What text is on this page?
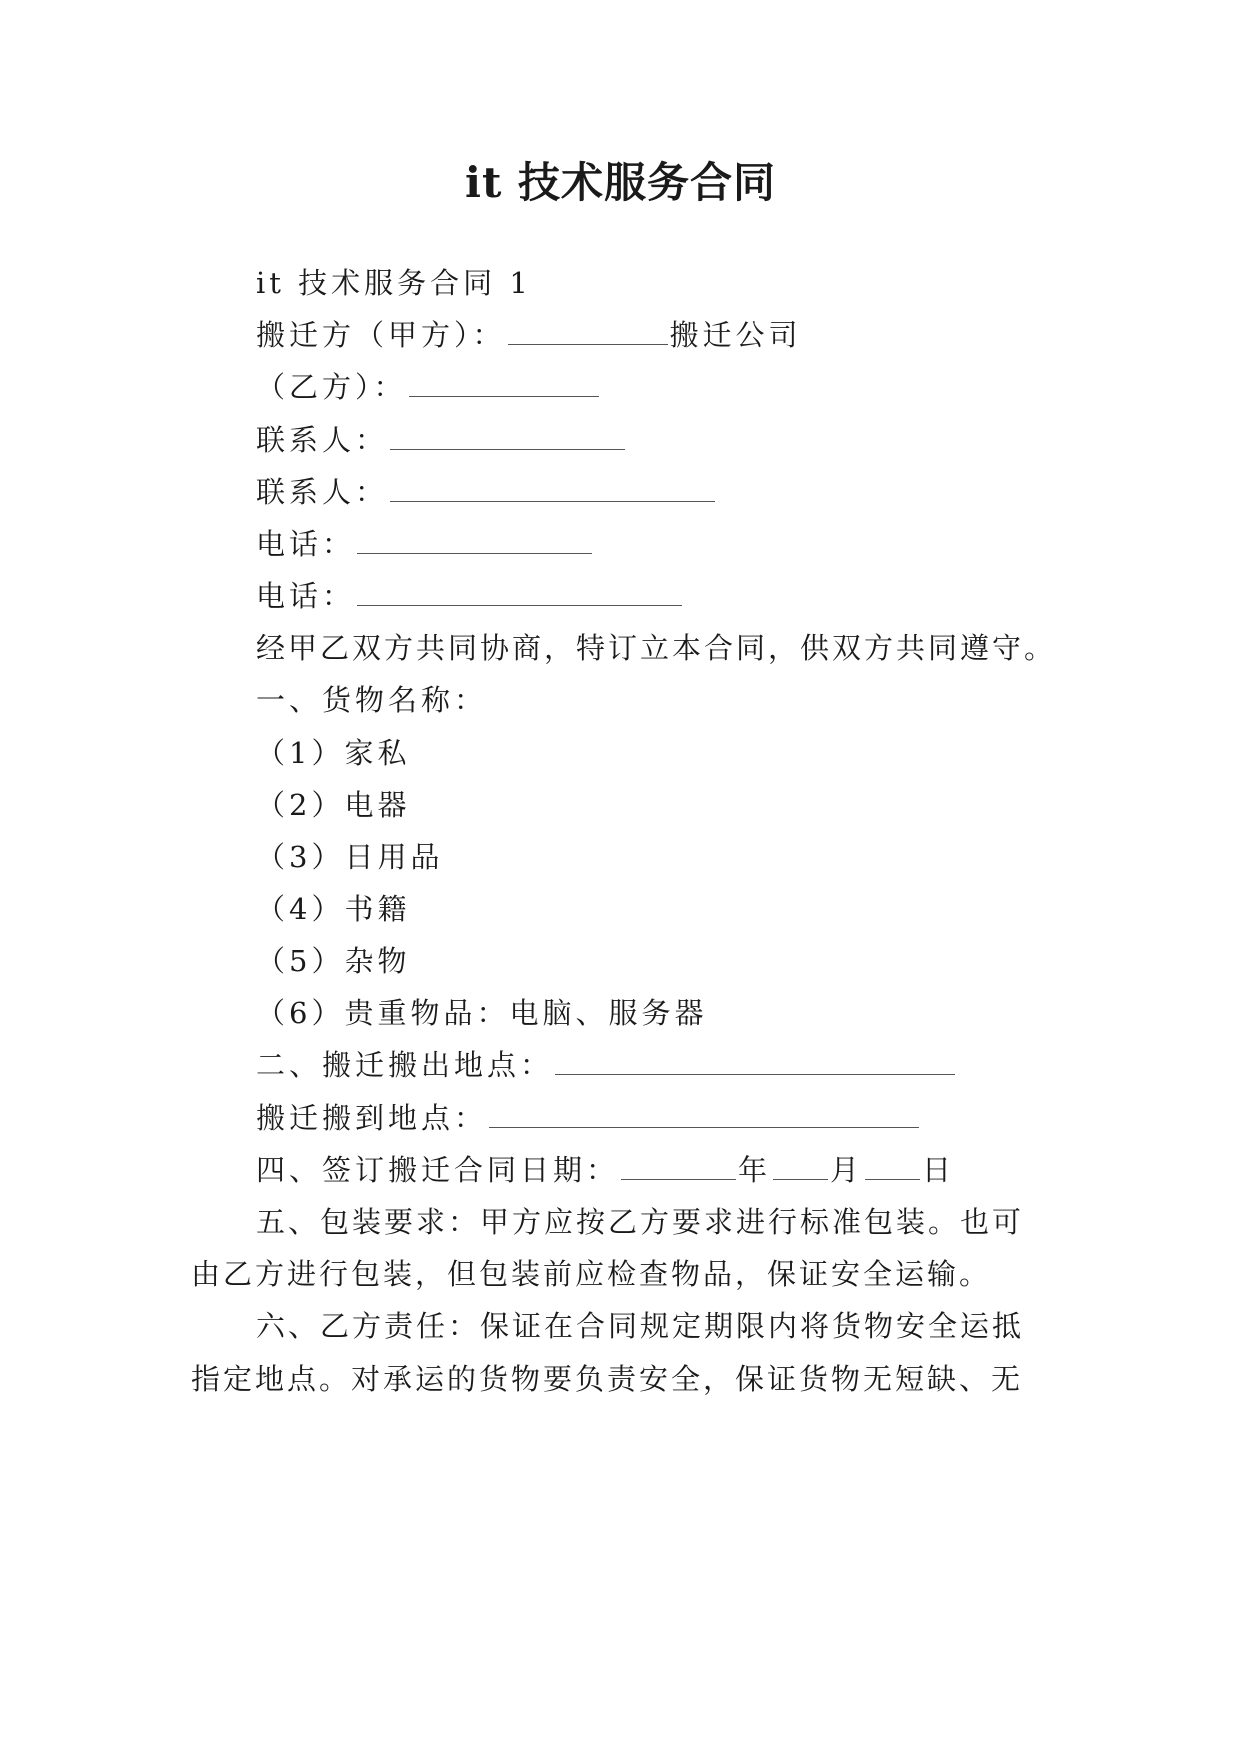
it 技术服务合同
it 技术服务合同 1
搬迁方（甲方）：	搬迁公司
（乙方）：
联系人：
联系人：
电话：
电话：
经甲乙双方共同协商，特订立本合同，供双方共同遵守。
一、货物名称：
（1）家私
（2）电器
（3）日用品
（4）书籍
（5）杂物
（6）贵重物品：电脑、服务器
二、搬迁搬出地点：
搬迁搬到地点：
四、签订搬迁合同日期：	年 月 日
五、包装要求：甲方应按乙方要求进行标准包装。也可
由乙方进行包装，但包装前应检查物品，保证安全运输。
六、乙方责任：保证在合同规定期限内将货物安全运抵
指定地点。对承运的货物要负责安全，保证货物无短缺、无
